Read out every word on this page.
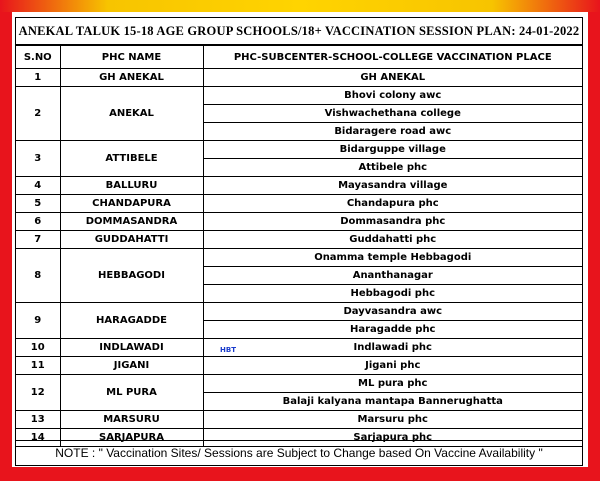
ANEKAL TALUK 15-18 AGE GROUP SCHOOLS/18+ VACCINATION SESSION PLAN: 24-01-2022
S.NO	PHC NAME	PHC-SUBCENTER-SCHOOL-COLLEGE VACCINATION PLACE
1	GH ANEKAL	GH ANEKAL
2	ANEKAL	Bhovi colony awc
		Vishwachethana college
		Bidaragere road awc
3	ATTIBELE	Bidarguppe village
		Attibele phc
4	BALLURU	Mayasandra village
5	CHANDAPURA	Chandapura phc
6	DOMMASANDRA	Dommasandra phc
7	GUDDAHATTI	Guddahatti phc
8	HEBBAGODI	Onamma temple Hebbagodi
		Ananthanagar
		Hebbagodi phc
9	HARAGADDE	Dayvasandra awc
		Haragadde phc
10	INDLAWADI	Indlawadi phc
11	JIGANI	Jigani phc
12	ML PURA	ML pura phc
		Balaji kalyana mantapa Bannerughatta
13	MARSURU	Marsuru phc
14	SARJAPURA	Sarjapura phc
NOTE : " Vaccination Sites/ Sessions are Subject to Change based On Vaccine Availability "
HBT
